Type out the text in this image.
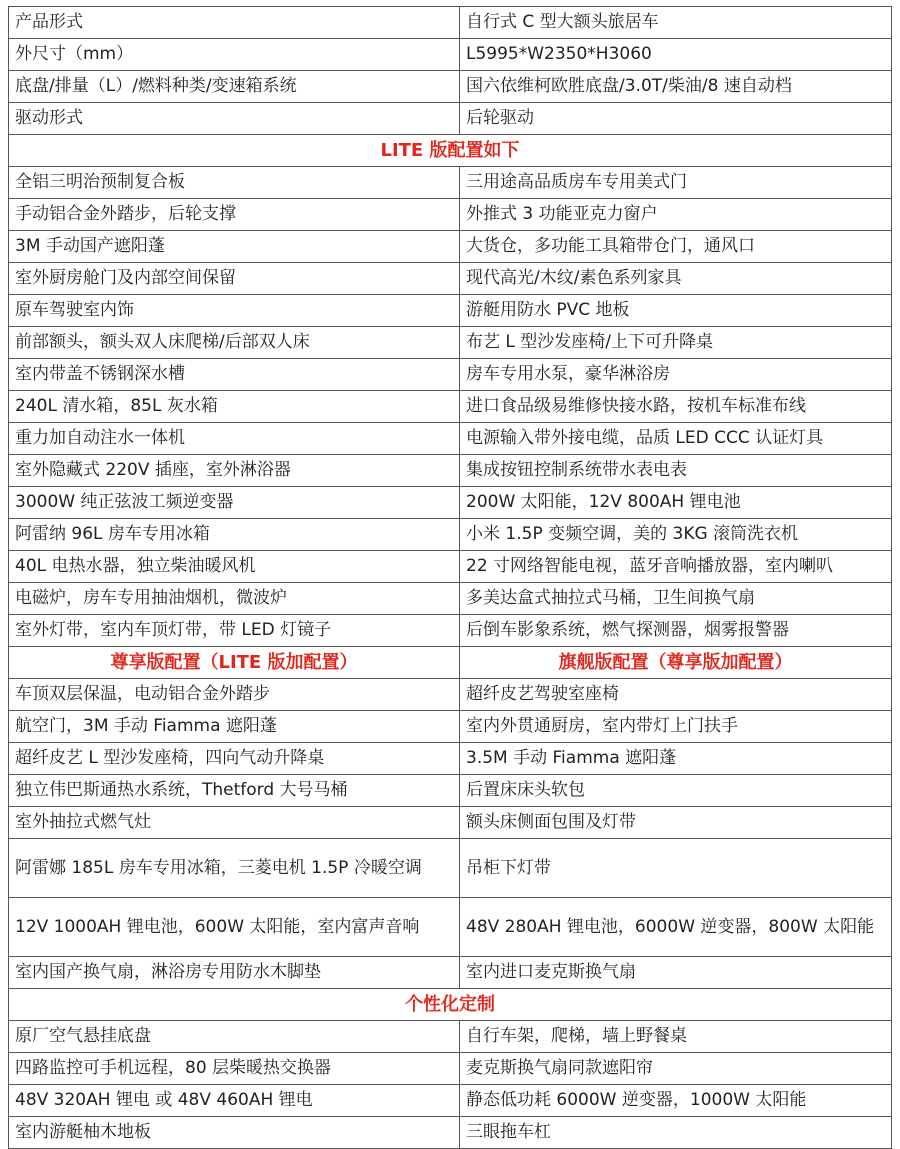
产品形式	自行式 C 型大额头旅居车
外尺寸（mm）	L5995*W2350*H3060
底盘/排量（L）/燃料种类/变速箱系统	国六依维柯欧胜底盘/3.0T/柴油/8 速自动档
驱动形式	后轮驱动
LITE 版配置如下	
全铝三明治预制复合板	三用途高品质房车专用美式门
手动铝合金外踏步，后轮支撑	外推式 3 功能亚克力窗户
3M 手动国产遮阳蓬	大货仓，多功能工具箱带仓门，通风口
室外厨房舱门及内部空间保留	现代高光/木纹/素色系列家具
原车驾驶室内饰	游艇用防水 PVC 地板
前部额头，额头双人床爬梯/后部双人床	布艺 L 型沙发座椅/上下可升降桌
室内带盖不锈钢深水槽	房车专用水泵，豪华淋浴房
240L 清水箱，85L 灰水箱	进口食品级易维修快接水路，按机车标准布线
重力加自动注水一体机	电源输入带外接电缆，品质 LED CCC 认证灯具
室外隐藏式 220V 插座，室外淋浴器	集成按钮控制系统带水表电表
3000W 纯正弦波工频逆变器	200W 太阳能，12V 800AH 锂电池
阿雷纳 96L 房车专用冰箱	小米 1.5P 变频空调，美的 3KG 滚筒洗衣机
40L 电热水器，独立柴油暖风机	22 寸网络智能电视，蓝牙音响播放器，室内喇叭
电磁炉，房车专用抽油烟机，微波炉	多美达盒式抽拉式马桶，卫生间换气扇
室外灯带，室内车顶灯带，带 LED 灯镜子	后倒车影象系统，燃气探测器，烟雾报警器
尊享版配置（LITE 版加配置）	旗舰版配置（尊享版加配置）
车顶双层保温，电动铝合金外踏步	超纤皮艺驾驶室座椅
航空门，3M 手动 Fiamma 遮阳蓬	室内外贯通厨房，室内带灯上门扶手
超纤皮艺 L 型沙发座椅，四向气动升降桌	3.5M 手动 Fiamma 遮阳蓬
独立伟巴斯通热水系统，Thetford 大号马桶	后置床床头软包
室外抽拉式燃气灶	额头床侧面包围及灯带
阿雷娜 185L 房车专用冰箱，三菱电机 1.5P 冷暖空调	吊柜下灯带
12V 1000AH 锂电池，600W 太阳能，室内富声音响	48V 280AH 锂电池，6000W 逆变器，800W 太阳能
室内国产换气扇，淋浴房专用防水木脚垫	室内进口麦克斯换气扇
个性化定制	
原厂空气悬挂底盘	自行车架，爬梯，墙上野餐桌
四路监控可手机远程，80 层柴暖热交换器	麦克斯换气扇同款遮阳帘
48V 320AH 锂电 或 48V 460AH 锂电	静态低功耗 6000W 逆变器，1000W 太阳能
室内游艇柚木地板	三眼拖车杠
